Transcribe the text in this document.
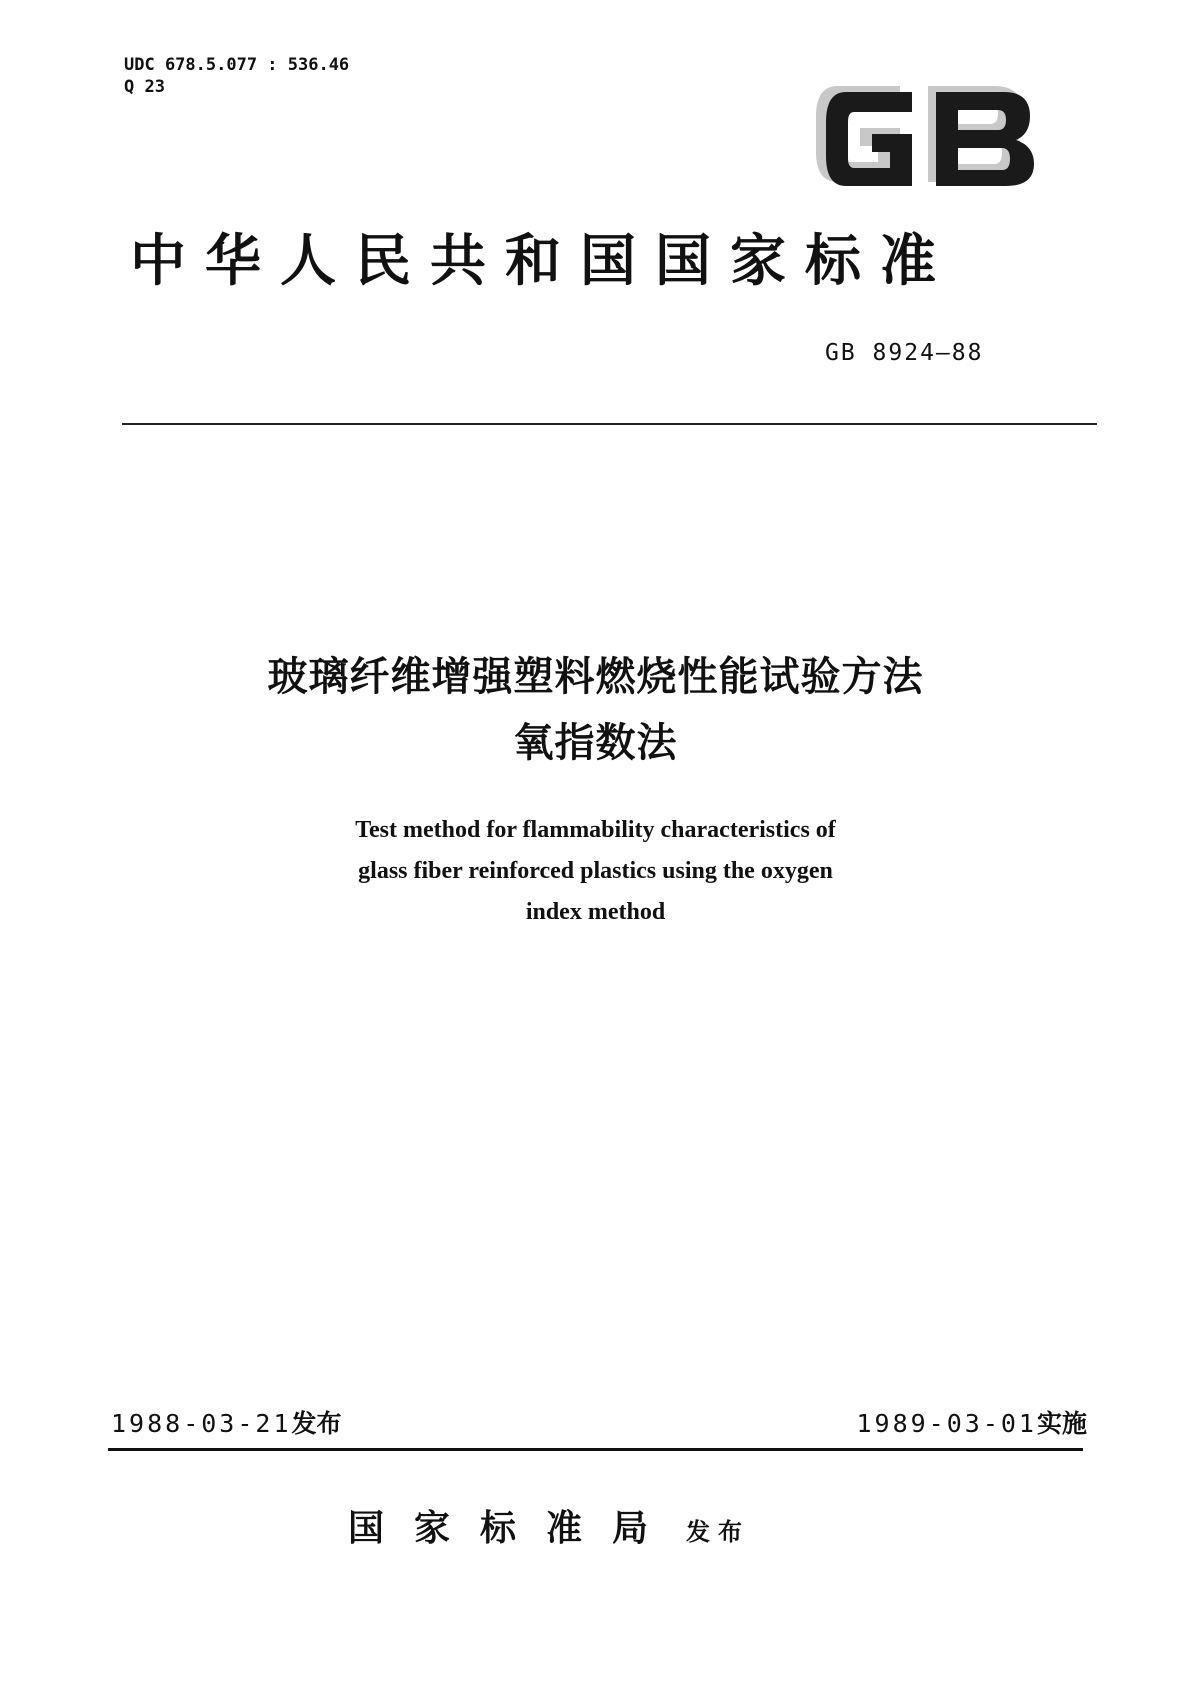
UDC 678.5.077 : 536.46
Q 23
中华人民共和国国家标准
GB 8924—88
玻璃纤维增强塑料燃烧性能试验方法
氧指数法
Test method for flammability characteristics of
glass fiber reinforced plastics using the oxygen
index method
1988-03-21发布	1989-03-01实施
国家标准局 发布
